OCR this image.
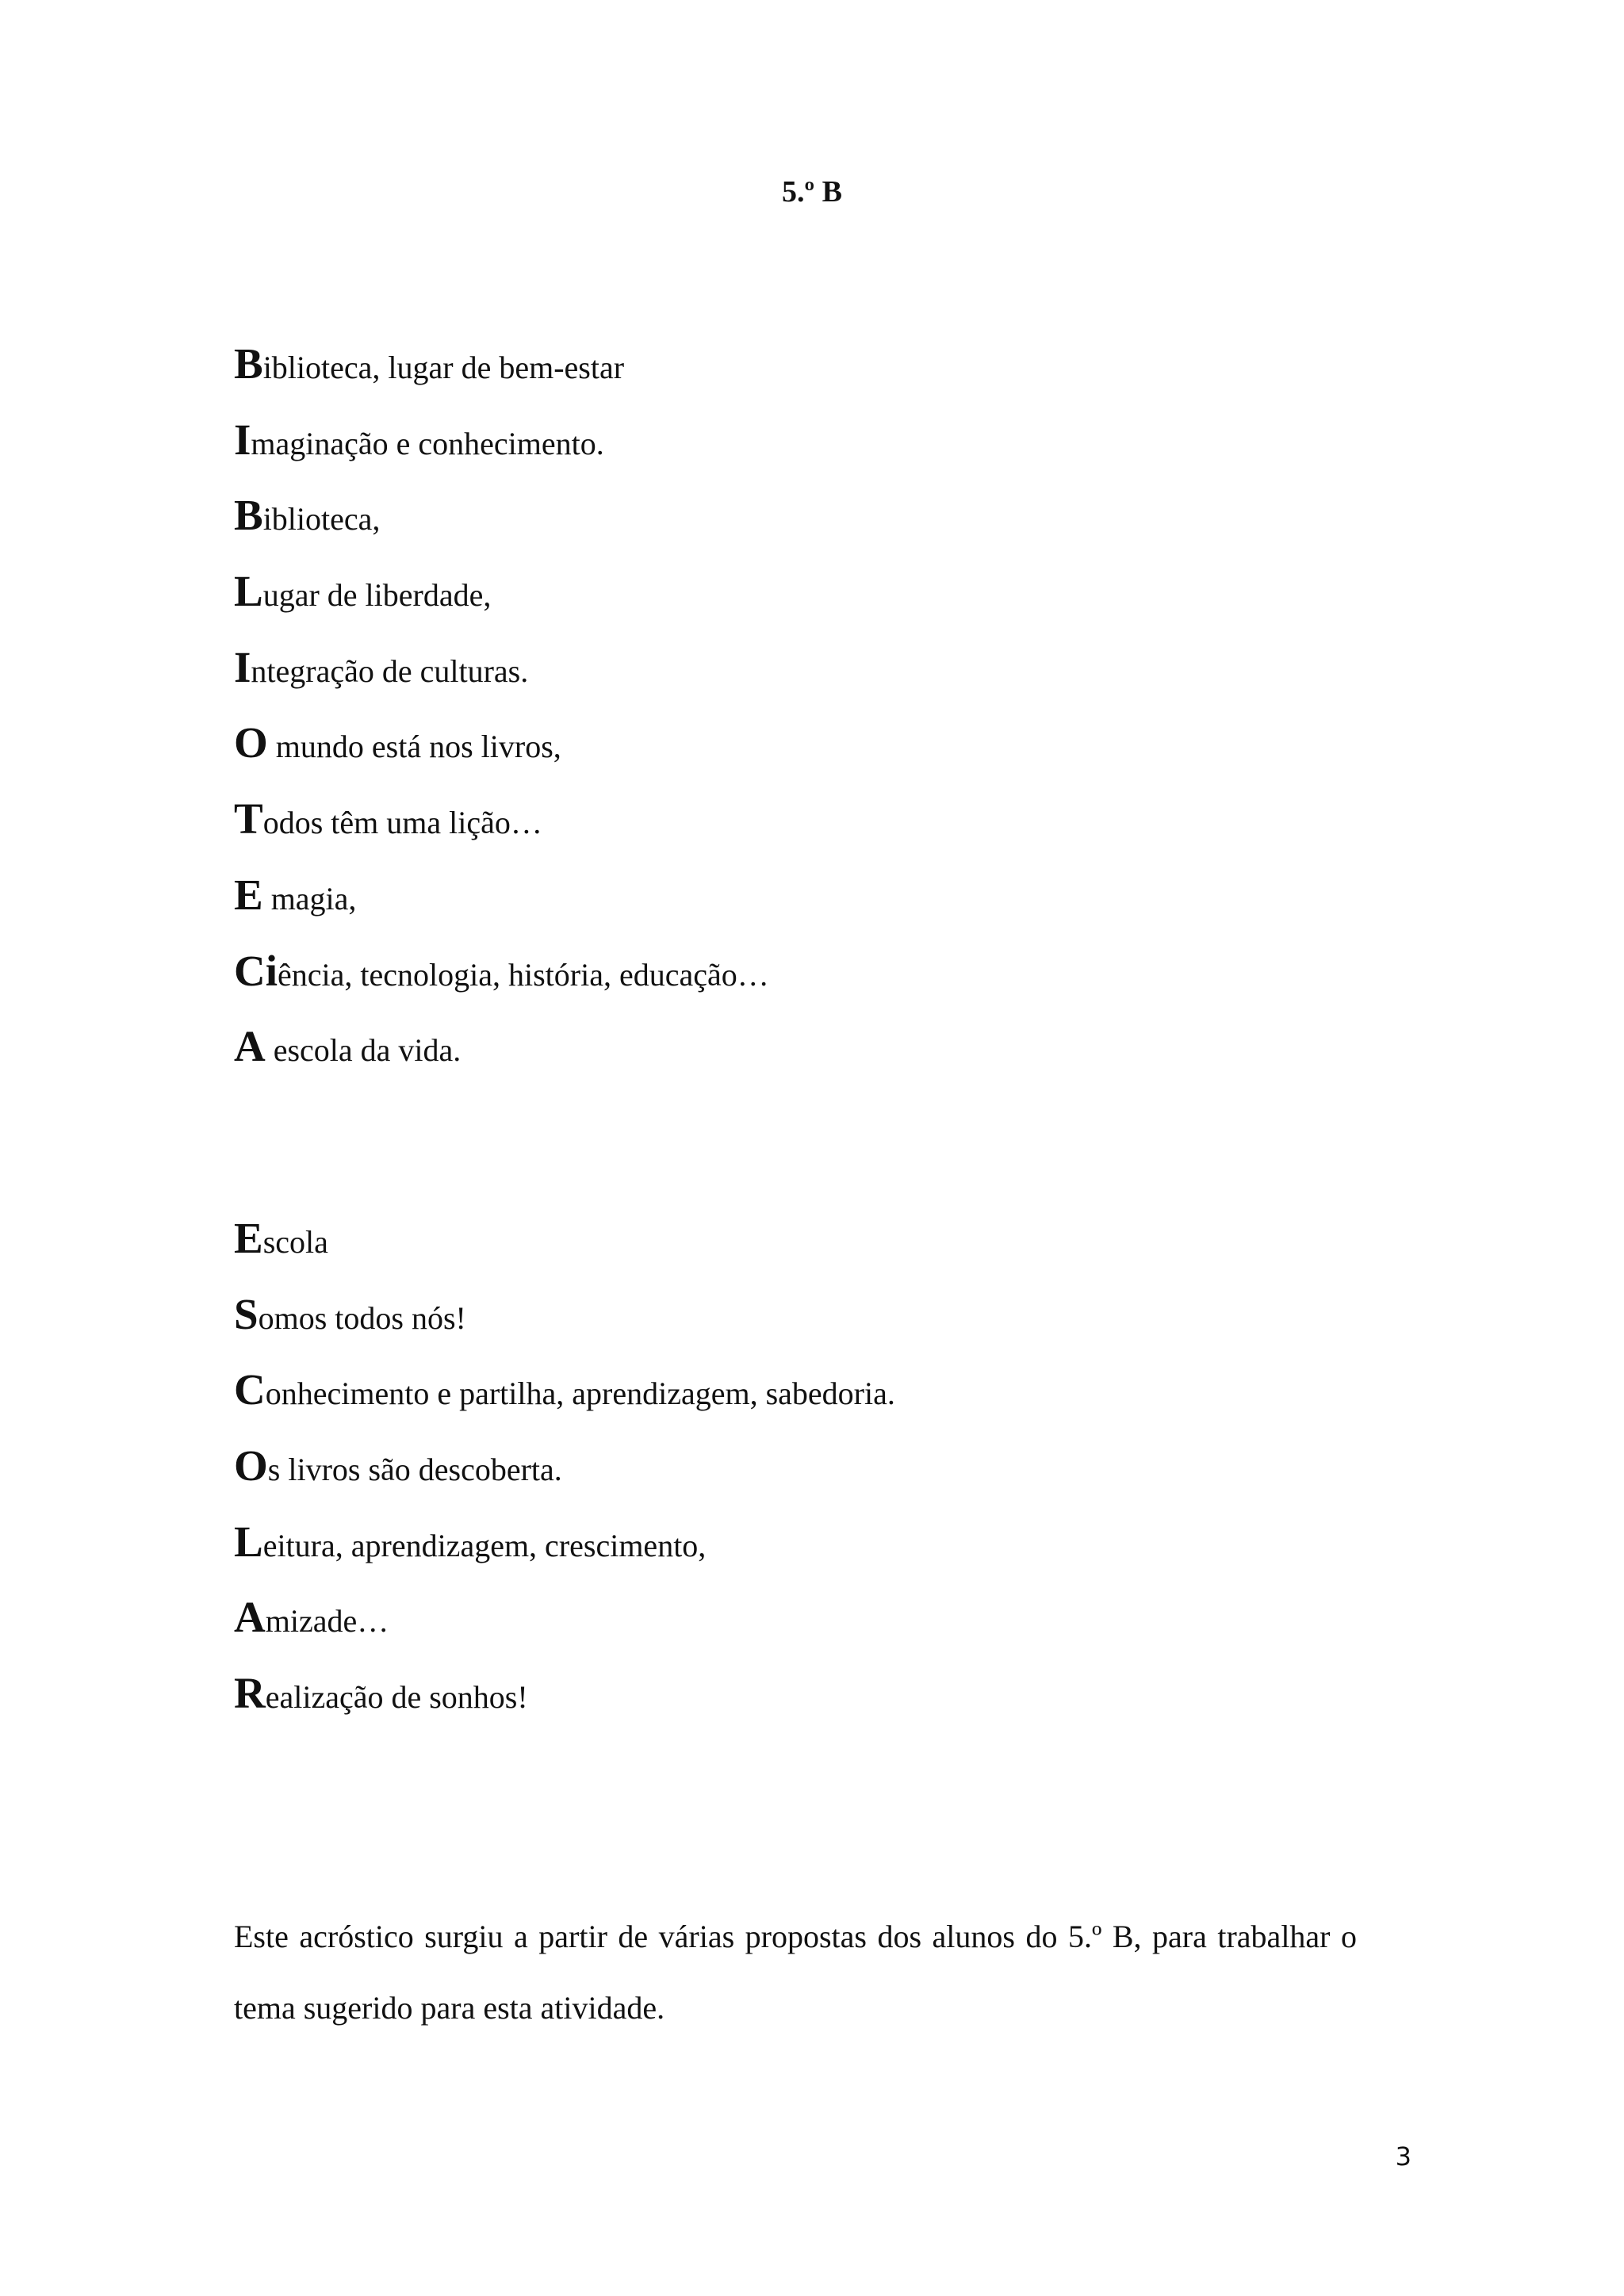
5.º B
Biblioteca, lugar de bem-estar
Imaginação e conhecimento.
Biblioteca,
Lugar de liberdade,
Integração de culturas.
O mundo está nos livros,
Todos têm uma lição…
E magia,
Ciência, tecnologia, história, educação…
A escola da vida.
Escola
Somos todos nós!
Conhecimento e partilha, aprendizagem, sabedoria.
Os livros são descoberta.
Leitura, aprendizagem, crescimento,
Amizade…
Realização de sonhos!

Este acróstico surgiu a partir de várias propostas dos alunos do 5.º B, para trabalhar o tema sugerido para esta atividade.

3
